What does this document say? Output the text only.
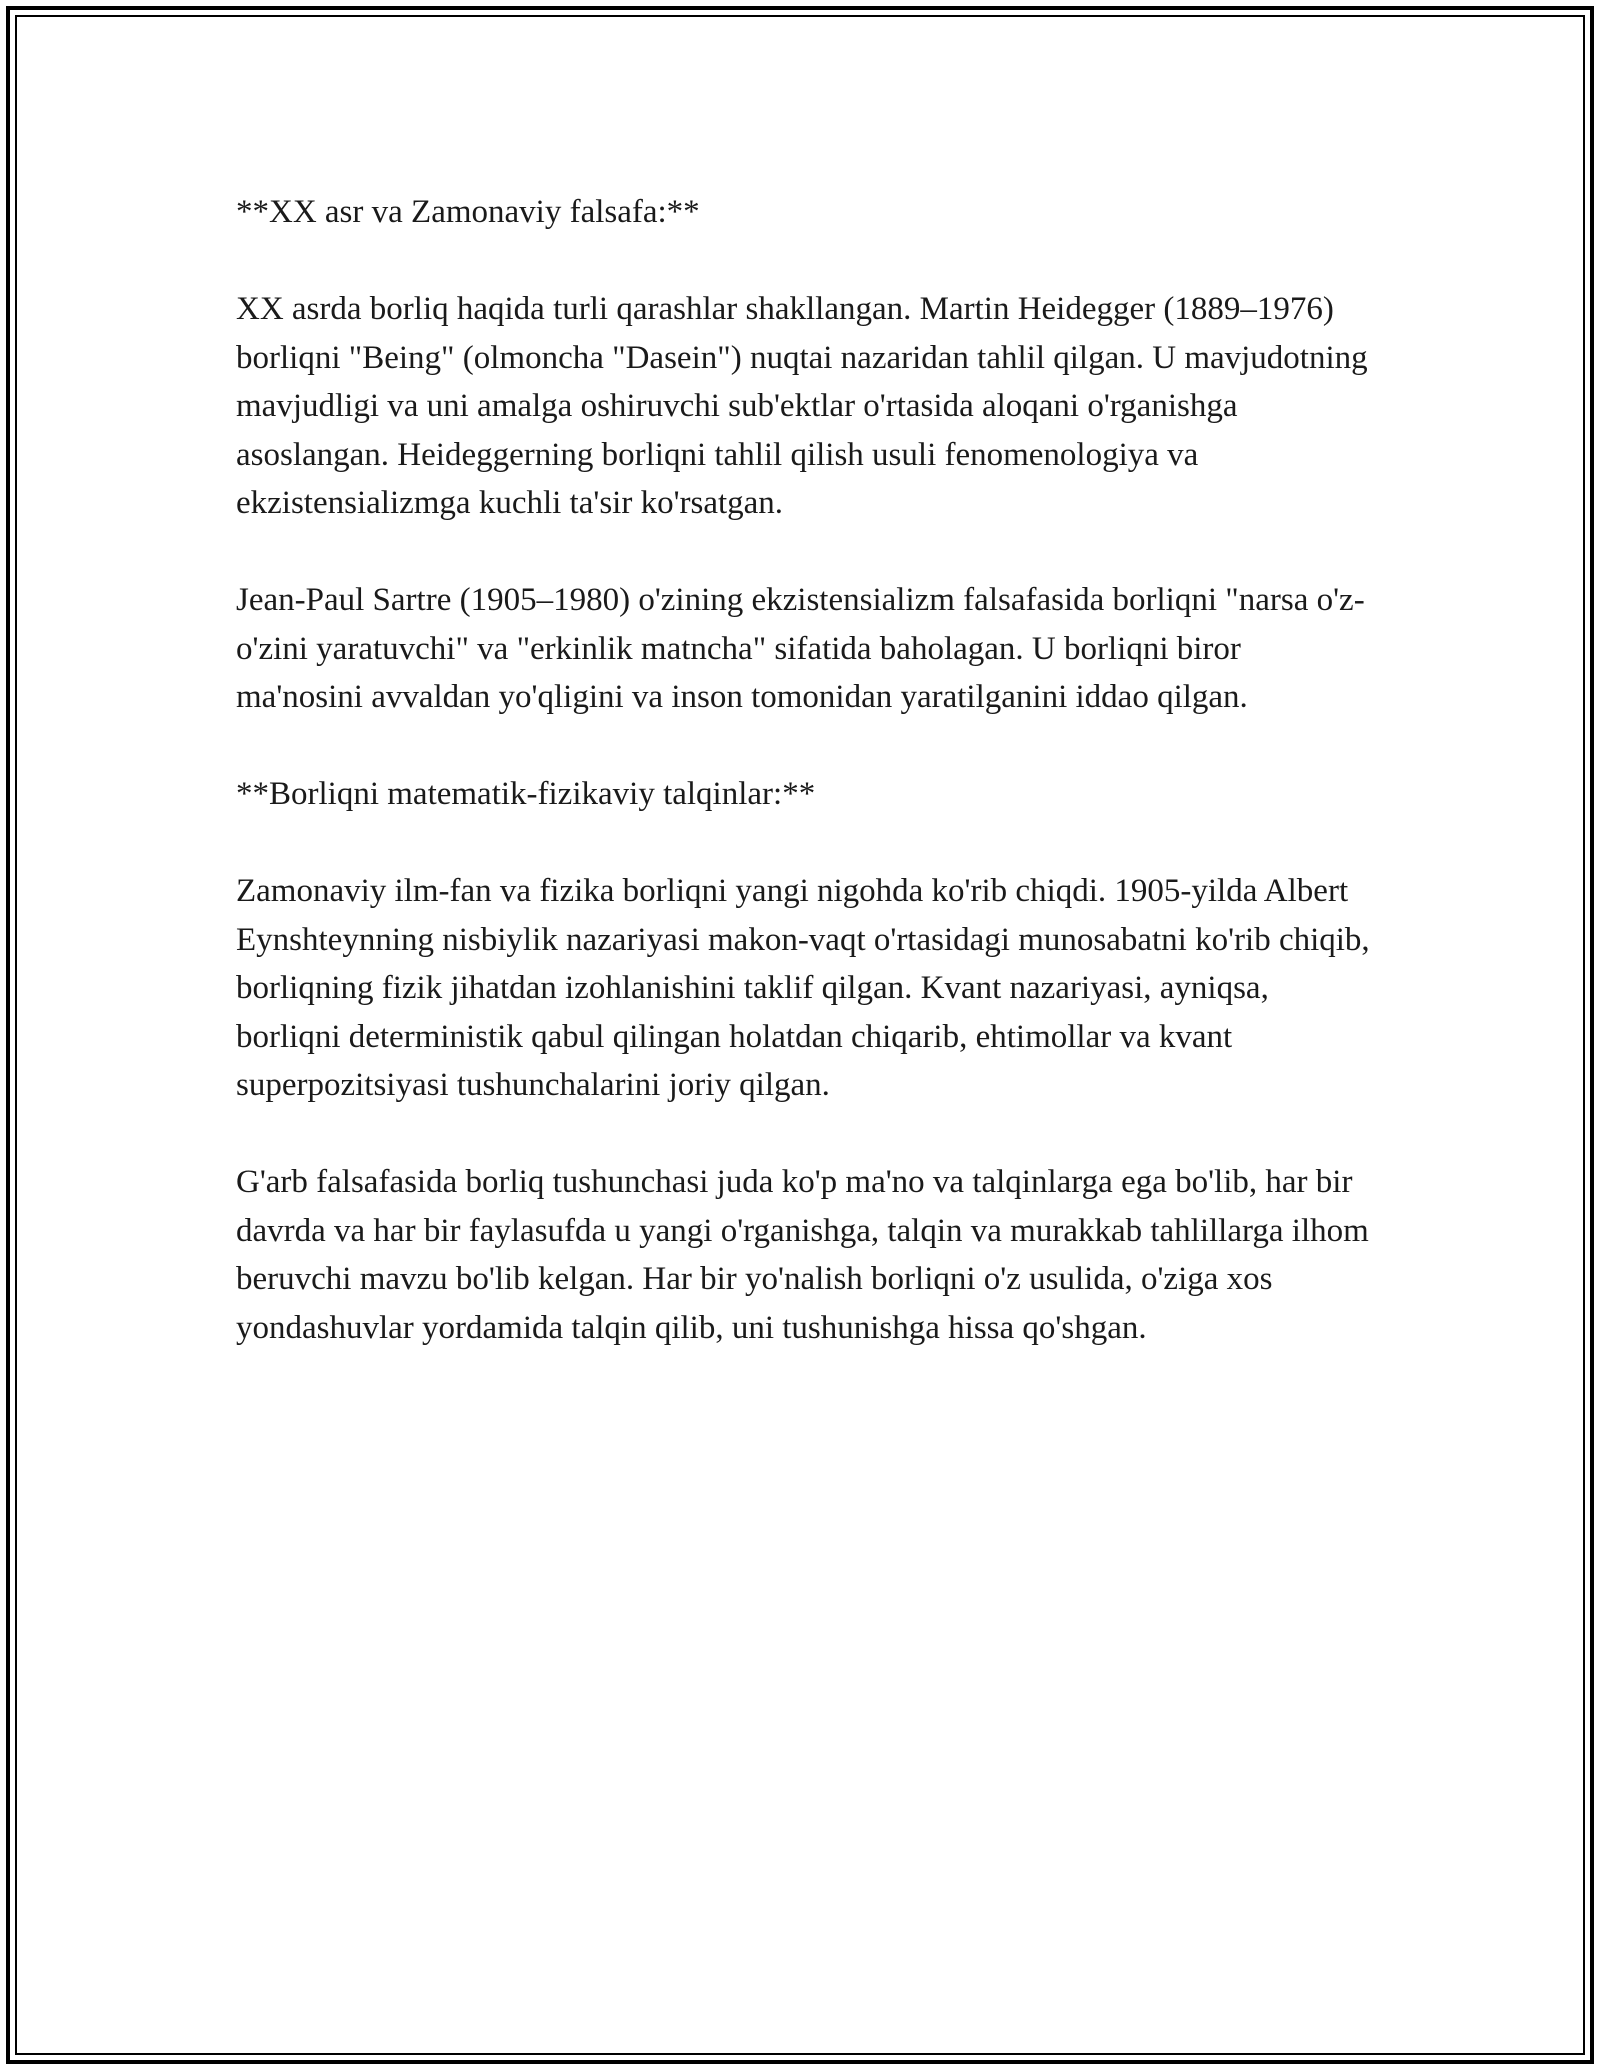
**XX asr va Zamonaviy falsafa:**

XX asrda borliq haqida turli qarashlar shakllangan. Martin Heidegger (1889–1976) borliqni "Being" (olmoncha "Dasein") nuqtai nazaridan tahlil qilgan. U mavjudotning mavjudligi va uni amalga oshiruvchi sub'ektlar o'rtasida aloqani o'rganishga asoslangan. Heideggerning borliqni tahlil qilish usuli fenomenologiya va ekzistensializmga kuchli ta'sir ko'rsatgan.

Jean-Paul Sartre (1905–1980) o'zining ekzistensializm falsafasida borliqni "narsa o'z-o'zini yaratuvchi" va "erkinlik matncha" sifatida baholagan. U borliqni biror ma'nosini avvaldan yo'qligini va inson tomonidan yaratilganini iddao qilgan.

**Borliqni matematik-fizikaviy talqinlar:**

Zamonaviy ilm-fan va fizika borliqni yangi nigohda ko'rib chiqdi. 1905-yilda Albert Eynshteynning nisbiylik nazariyasi makon-vaqt o'rtasidagi munosabatni ko'rib chiqib, borliqning fizik jihatdan izohlanishini taklif qilgan. Kvant nazariyasi, ayniqsa, borliqni deterministik qabul qilingan holatdan chiqarib, ehtimollar va kvant superpozitsiyasi tushunchalarini joriy qilgan.

G'arb falsafasida borliq tushunchasi juda ko'p ma'no va talqinlarga ega bo'lib, har bir davrda va har bir faylasufda u yangi o'rganishga, talqin va murakkab tahlillarga ilhom beruvchi mavzu bo'lib kelgan. Har bir yo'nalish borliqni o'z usulida, o'ziga xos yondashuvlar yordamida talqin qilib, uni tushunishga hissa qo'shgan.
